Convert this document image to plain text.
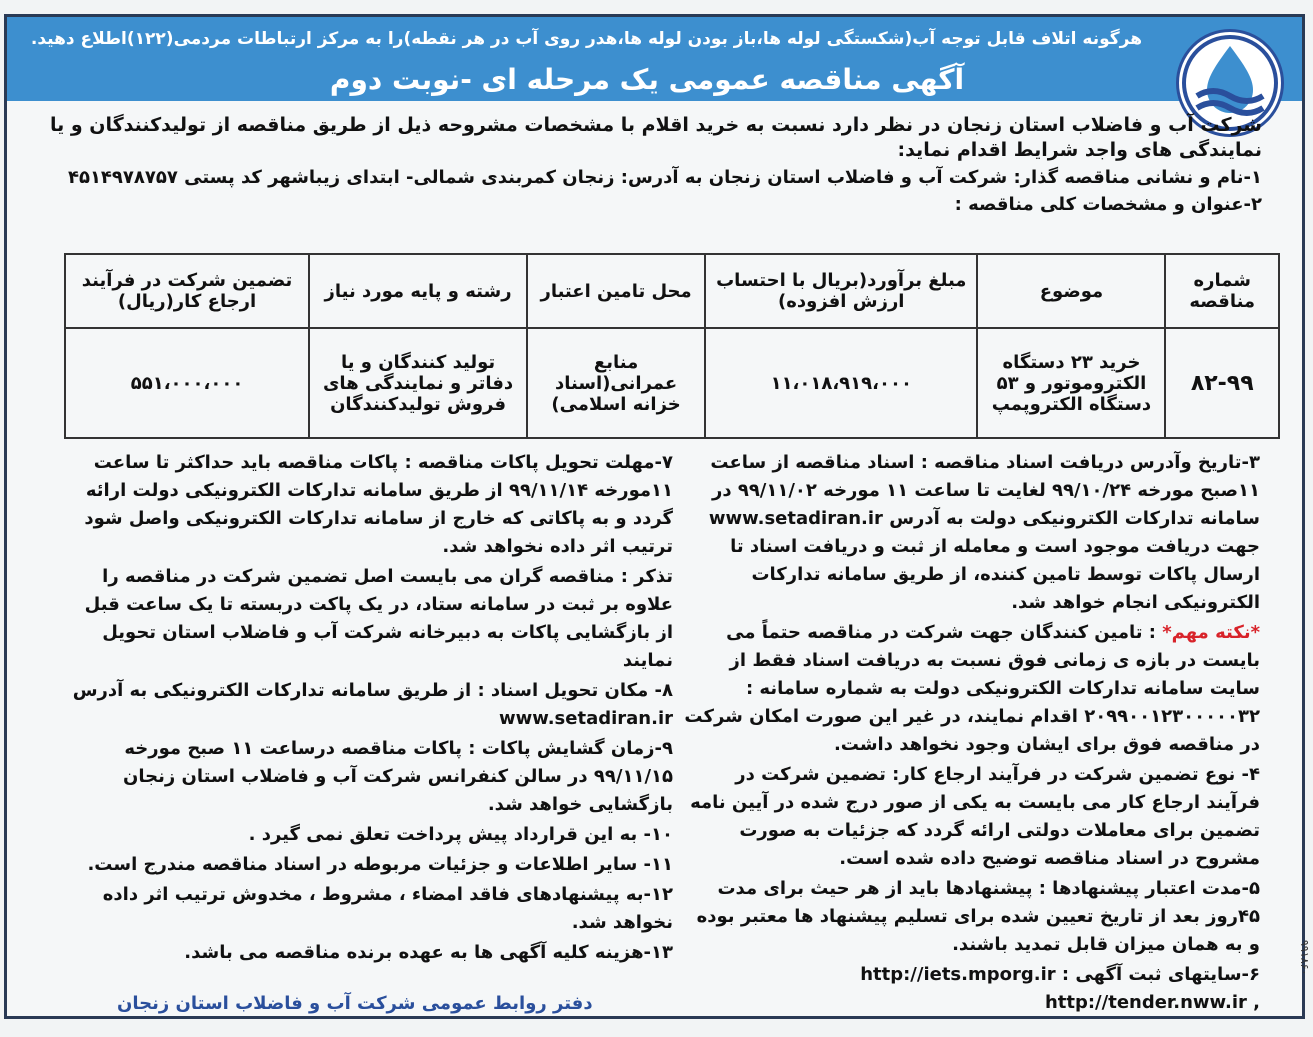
هرگونه اتلاف قابل توجه آب(شکستگی لوله ها،باز بودن لوله ها،هدر روی آب در هر نقطه)را به مرکز ارتباطات مردمی(۱۲۲)اطلاع دهید.
آگهی مناقصه عمومی یک مرحله ای -نوبت دوم

شرکت آب و فاضلاب استان زنجان در نظر دارد نسبت به خرید اقلام با مشخصات مشروحه ذیل از طریق مناقصه از تولیدکنندگان و یا نمایندگی های واجد شرایط اقدام نماید:

۱-نام و نشانی مناقصه گذار: شرکت آب و فاضلاب استان زنجان به آدرس: زنجان کمربندی شمالی- ابتدای زیباشهر کد پستی ۴۵۱۴۹۷۸۷۵۷

۲-عنوان و مشخصات کلی مناقصه :

شماره مناقصه	موضوع	مبلغ برآورد(بریال با احتساب ارزش افزوده)	محل تامین اعتبار	رشته و پایه مورد نیاز	تضمین شرکت در فرآیند ارجاع کار(ریال)
۸۲-۹۹	خرید ۲۳ دستگاه الکتروموتور و ۵۳ دستگاه الکتروپمپ	۱۱،۰۱۸،۹۱۹،۰۰۰	منابع عمرانی(اسناد خزانه اسلامی)	تولید کنندگان و یا دفاتر و نمایندگی های فروش تولیدکنندگان	۵۵۱،۰۰۰،۰۰۰

۳-تاریخ وآدرس دریافت اسناد مناقصه : اسناد مناقصه از ساعت ۱۱صبح مورخه ۹۹/۱۰/۲۴ لغایت تا ساعت ۱۱ مورخه ۹۹/۱۱/۰۲ در سامانه تدارکات الکترونیکی دولت به آدرس www.setadiran.ir جهت دریافت موجود است و معامله از ثبت و دریافت اسناد تا ارسال پاکات توسط تامین کننده، از طریق سامانه تدارکات الکترونیکی انجام خواهد شد.

*نکته مهم* : تامین کنندگان جهت شرکت در مناقصه حتماً می بایست در بازه ی زمانی فوق نسبت به دریافت اسناد فقط از سایت سامانه تدارکات الکترونیکی دولت به شماره سامانه : ۲۰۹۹۰۰۱۲۳۰۰۰۰۰۳۲ اقدام نمایند، در غیر این صورت امکان شرکت در مناقصه فوق برای ایشان وجود نخواهد داشت.

۴- نوع تضمین شرکت در فرآیند ارجاع کار: تضمین شرکت در فرآیند ارجاع کار می بایست به یکی از صور درج شده در آیین نامه تضمین برای معاملات دولتی ارائه گردد که جزئیات به صورت مشروح در اسناد مناقصه توضیح داده شده است.

۵-مدت اعتبار پیشنهادها : پیشنهادها باید از هر حیث برای مدت ۴۵روز بعد از تاریخ تعیین شده برای تسلیم پیشنهاد ها معتبر بوده و به همان میزان قابل تمدید باشند.

۶-سایتهای ثبت آگهی : http://iets.mporg.ir http://tender.nww.ir ,

۷-مهلت تحویل پاکات مناقصه : پاکات مناقصه باید حداکثر تا ساعت ۱۱مورخه ۹۹/۱۱/۱۴ از طریق سامانه تدارکات الکترونیکی دولت ارائه گردد و به پاکاتی که خارج از سامانه تدارکات الکترونیکی واصل شود ترتیب اثر داده نخواهد شد.

تذکر : مناقصه گران می بایست اصل تضمین شرکت در مناقصه را علاوه بر ثبت در سامانه ستاد، در یک پاکت دربسته تا یک ساعت قبل از بازگشایی پاکات به دبیرخانه شرکت آب و فاضلاب استان تحویل نمایند

۸- مکان تحویل اسناد : از طریق سامانه تدارکات الکترونیکی به آدرس www.setadiran.ir

۹-زمان گشایش پاکات : پاکات مناقصه درساعت ۱۱ صبح مورخه ۹۹/۱۱/۱۵ در سالن کنفرانس شرکت آب و فاضلاب استان زنجان بازگشایی خواهد شد.

۱۰- به این قرارداد پیش پرداخت تعلق نمی گیرد .

۱۱- سایر اطلاعات و جزئیات مربوطه در اسناد مناقصه مندرج است.

۱۲-به پیشنهادهای فاقد امضاء ، مشروط ، مخدوش ترتیب اثر داده نخواهد شد.

۱۳-هزینه کلیه آگهی ها به عهده برنده مناقصه می باشد.

دفتر روابط عمومی شرکت آب و فاضلاب استان زنجان
۹۹۱۸۶۰
